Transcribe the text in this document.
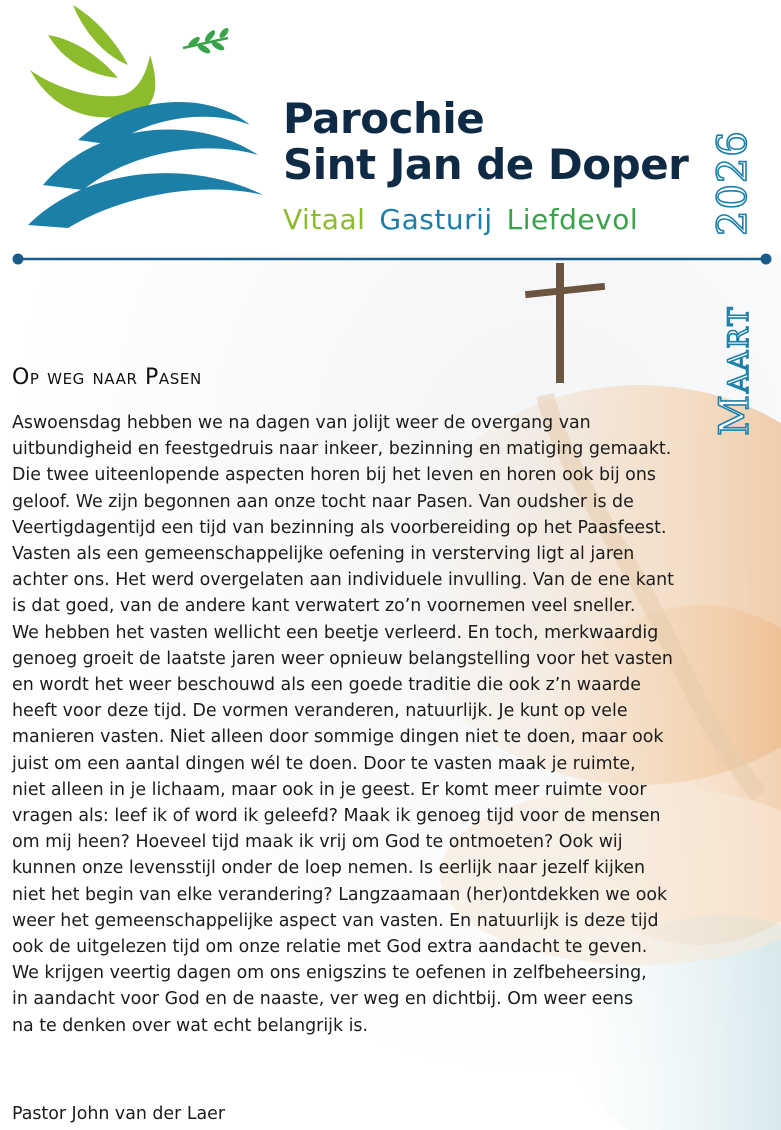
Parochie
Sint Jan de Doper
Vitaal Gasturij Liefdevol 2026
Maart
Op weg naar Pasen

Aswoensdag hebben we na dagen van jolijt weer de overgang van

uitbundigheid en feestgedruis naar inkeer, bezinning en matiging gemaakt.

Die twee uiteenlopende aspecten horen bij het leven en horen ook bij ons

geloof. We zijn begonnen aan onze tocht naar Pasen. Van oudsher is de

Veertigdagentijd een tijd van bezinning als voorbereiding op het Paasfeest.

Vasten als een gemeenschappelijke oefening in versterving ligt al jaren

achter ons. Het werd overgelaten aan individuele invulling. Van de ene kant

is dat goed, van de andere kant verwatert zo’n voornemen veel sneller.

We hebben het vasten wellicht een beetje verleerd. En toch, merkwaardig

genoeg groeit de laatste jaren weer opnieuw belangstelling voor het vasten

en wordt het weer beschouwd als een goede traditie die ook z’n waarde

heeft voor deze tijd. De vormen veranderen, natuurlijk. Je kunt op vele

manieren vasten. Niet alleen door sommige dingen niet te doen, maar ook

juist om een aantal dingen wél te doen. Door te vasten maak je ruimte,

niet alleen in je lichaam, maar ook in je geest. Er komt meer ruimte voor

vragen als: leef ik of word ik geleefd? Maak ik genoeg tijd voor de mensen

om mij heen? Hoeveel tijd maak ik vrij om God te ontmoeten? Ook wij

kunnen onze levensstijl onder de loep nemen. Is eerlijk naar jezelf kijken

niet het begin van elke verandering? Langzaamaan (her)ontdekken we ook

weer het gemeenschappelijke aspect van vasten. En natuurlijk is deze tijd

ook de uitgelezen tijd om onze relatie met God extra aandacht te geven.

We krijgen veertig dagen om ons enigszins te oefenen in zelfbeheersing,

in aandacht voor God en de naaste, ver weg en dichtbij. Om weer eens

na te denken over wat echt belangrijk is.

Pastor John van der Laer
